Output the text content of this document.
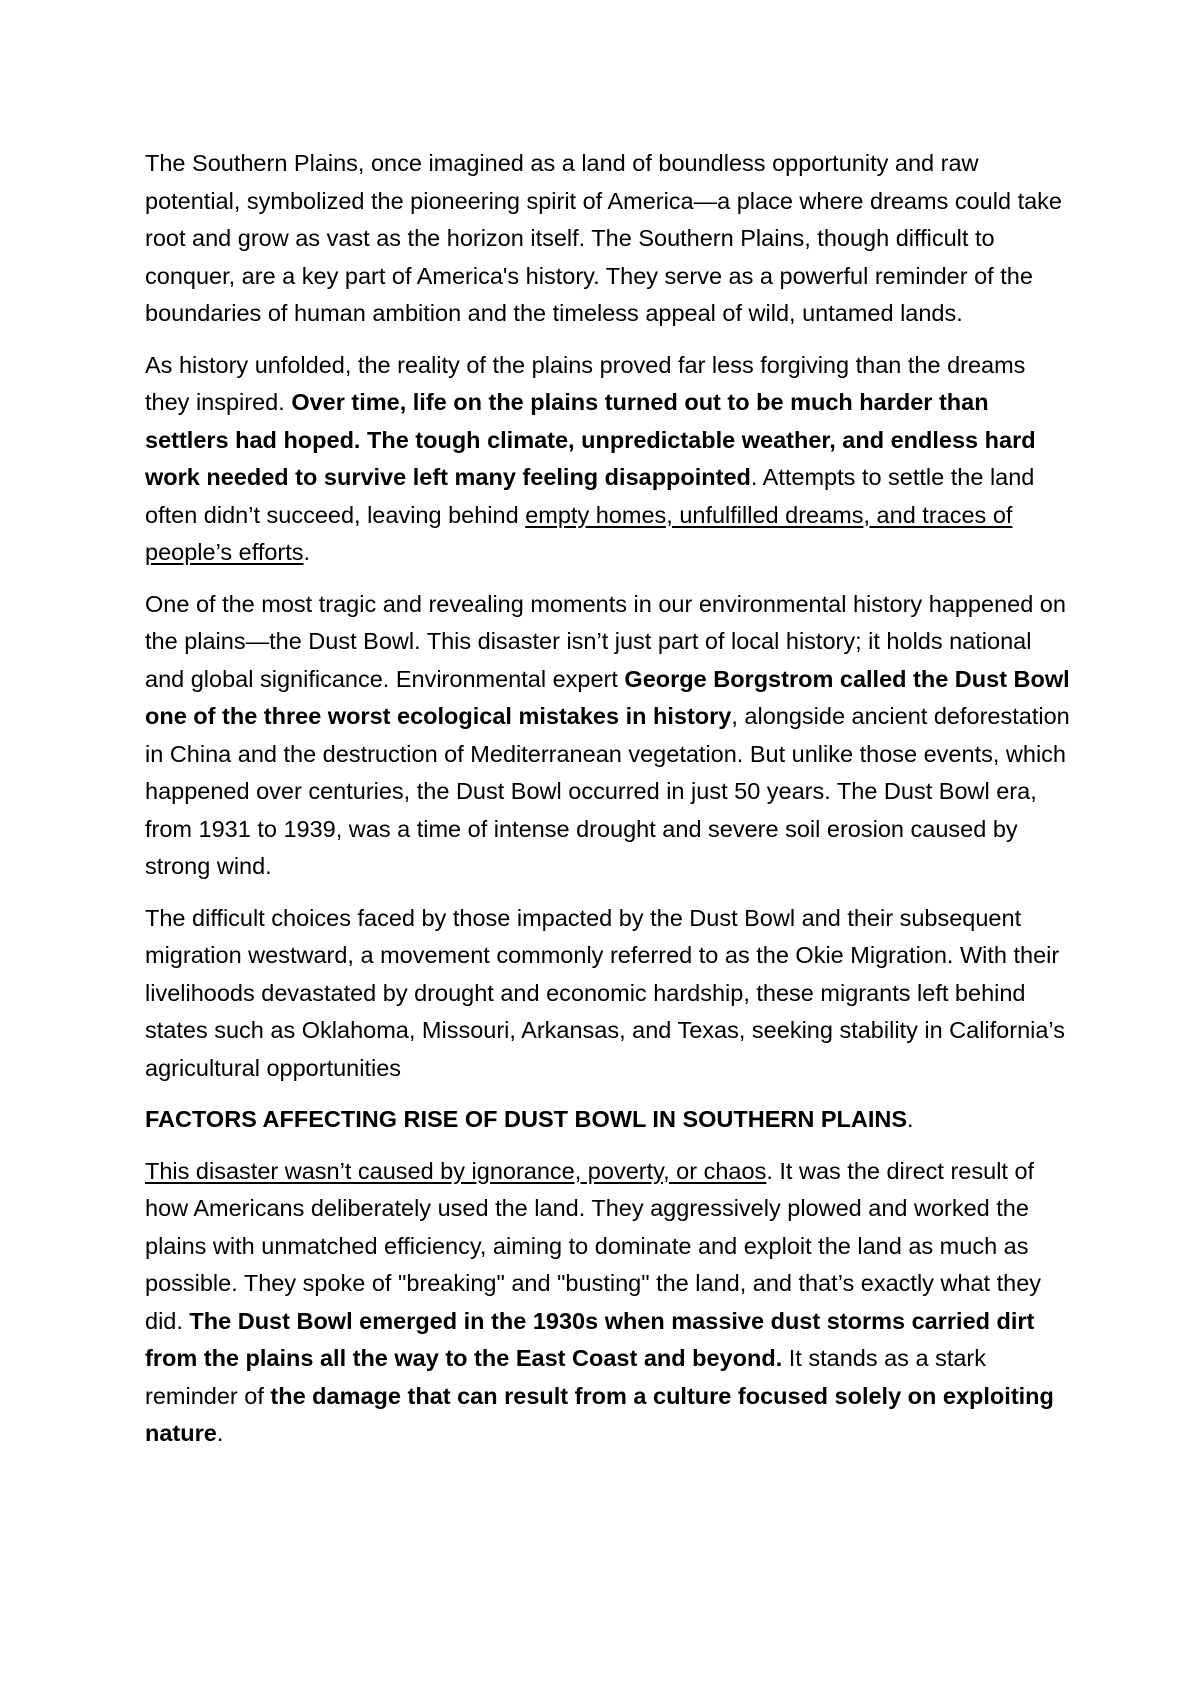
The Southern Plains, once imagined as a land of boundless opportunity and raw potential, symbolized the pioneering spirit of America—a place where dreams could take root and grow as vast as the horizon itself. The Southern Plains, though difficult to conquer, are a key part of America's history. They serve as a powerful reminder of the boundaries of human ambition and the timeless appeal of wild, untamed lands.

As history unfolded, the reality of the plains proved far less forgiving than the dreams they inspired. Over time, life on the plains turned out to be much harder than settlers had hoped. The tough climate, unpredictable weather, and endless hard work needed to survive left many feeling disappointed. Attempts to settle the land often didn’t succeed, leaving behind empty homes, unfulfilled dreams, and traces of people’s efforts.

One of the most tragic and revealing moments in our environmental history happened on the plains—the Dust Bowl. This disaster isn’t just part of local history; it holds national and global significance. Environmental expert George Borgstrom called the Dust Bowl one of the three worst ecological mistakes in history, alongside ancient deforestation in China and the destruction of Mediterranean vegetation. But unlike those events, which happened over centuries, the Dust Bowl occurred in just 50 years. The Dust Bowl era, from 1931 to 1939, was a time of intense drought and severe soil erosion caused by strong wind.

The difficult choices faced by those impacted by the Dust Bowl and their subsequent migration westward, a movement commonly referred to as the Okie Migration. With their livelihoods devastated by drought and economic hardship, these migrants left behind states such as Oklahoma, Missouri, Arkansas, and Texas, seeking stability in California’s agricultural opportunities

FACTORS AFFECTING RISE OF DUST BOWL IN SOUTHERN PLAINS.

This disaster wasn’t caused by ignorance, poverty, or chaos. It was the direct result of how Americans deliberately used the land. They aggressively plowed and worked the plains with unmatched efficiency, aiming to dominate and exploit the land as much as possible. They spoke of "breaking" and "busting" the land, and that’s exactly what they did. The Dust Bowl emerged in the 1930s when massive dust storms carried dirt from the plains all the way to the East Coast and beyond. It stands as a stark reminder of the damage that can result from a culture focused solely on exploiting nature.
